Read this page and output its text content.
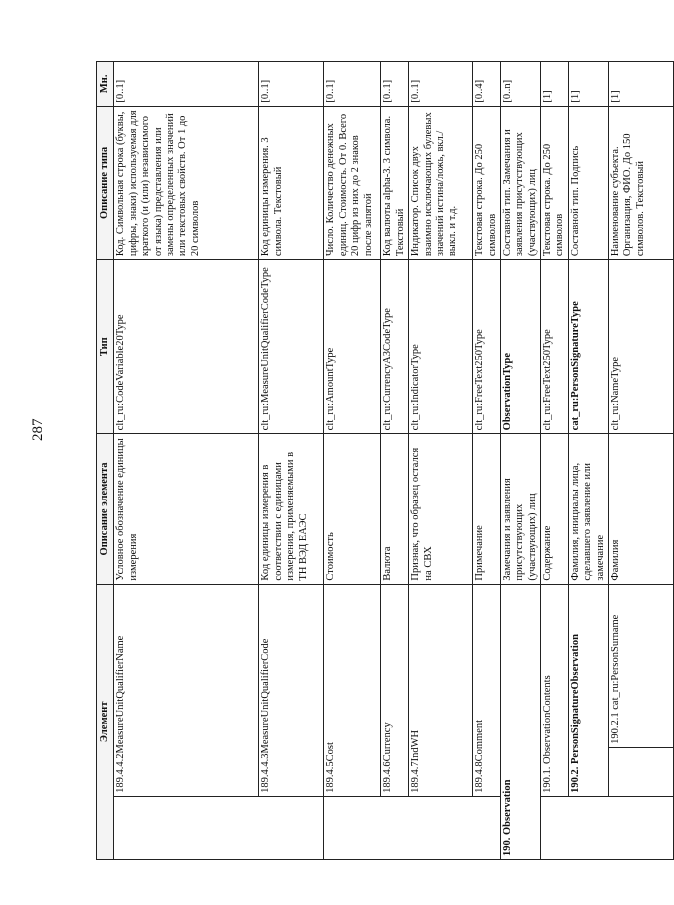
287
Элемент			Описание элемента	Тип	Описание типа	Мн.
	189.4.4.2MeasureUnitQualifierName		Условное обозначение единицы измерения	clt_ru:CodeVariable20Type	Код. Символьная строка (буквы, цифры, знаки) используемая для краткого (и (или) независимого от языка) представления или замены определенных значений или текстовых свойств. От 1 до 20 символов	[0..1]
	189.4.4.3MeasureUnitQualifierCode		Код единицы измерения в соответствии с единицами измерения, применяемыми в ТН ВЭД ЕАЭС	clt_ru:MeasureUnitQualifierCodeType	Код единицы измерения. 3 символа. Текстовый	[0..1]
	189.4.5Cost		Стоимость	clt_ru:AmountType	Число. Количество денежных единиц. Стоимость. От 0. Всего 20 цифр из них до 2 знаков после запятой	[0..1]
	189.4.6Currency		Валюта	clt_ru:CurrencyA3CodeType	Код валюты alpha-3. 3 символа. Текстовый	[0..1]
	189.4.7IndWH		Признак, что образец остался на СВХ	clt_ru:IndicatorType	Индикатор. Список двух взаимно исключающих булевых значений истина/ложь, вкл./выкл. и т.д.	[0..1]
	189.4.8Comment		Примечание	clt_ru:FreeText250Type	Текстовая строка. До 250 символов	[0..4]
190. Observation			Замечания и заявления присутствующих (участвующих) лиц	ObservationType	Составной тип. Замечания и заявления присутствующих (участвующих) лиц	[0..n]
	190.1. ObservationContents		Содержание	clt_ru:FreeText250Type	Текстовая строка. До 250 символов	[1]
	190.2. PersonSignatureObservation		Фамилия, инициалы лица, сделавшего заявление или замечание	cat_ru:PersonSignatureType	Составной тип. Подпись	[1]
		190.2.1 cat_ru:PersonSurname	Фамилия	clt_ru:NameType	Наименование субъекта. Организация, ФИО. До 150 символов. Текстовый	[1]
